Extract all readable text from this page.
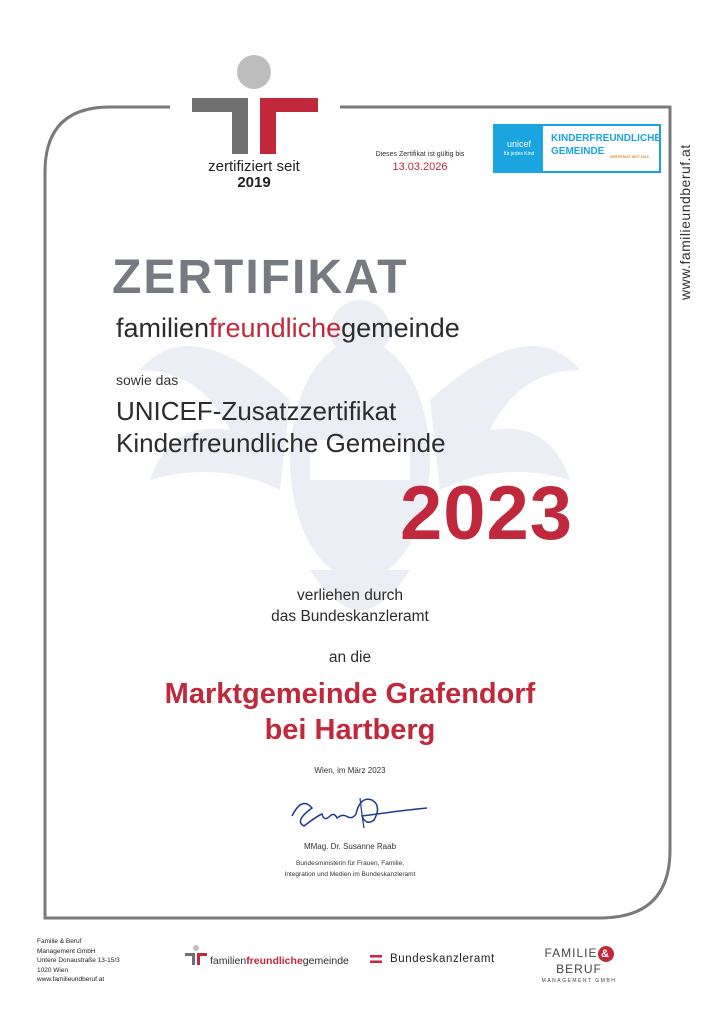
zertifiziert seit
2019
Dieses Zertifikat ist gültig bis
13.03.2026
unicef
für jedes Kind
KINDERFREUNDLICHE
GEMEINDE	ZERTIFIKAT SEIT 2019 www.familieundberuf.at
ZERTIFIKAT
familienfreundlichegemeinde
sowie das
UNICEF-Zusatzzertifikat
Kinderfreundliche Gemeinde
2023
verliehen durch
das Bundeskanzleramt
an die
Marktgemeinde Grafendorf
bei Hartberg
Wien, im März 2023
MMag. Dr. Susanne Raab
Bundesministerin für Frauen, Familie,
Integration und Medien im Bundeskanzleramt
Familie & Beruf
Management GmbH
Untere Donaustraße 13-15/3
1020 Wien
www.familieundberuf.at
familienfreundlichegemeinde	Bundeskanzleramt	FAMILIE &BERUF
MANAGEMENT GMBH
